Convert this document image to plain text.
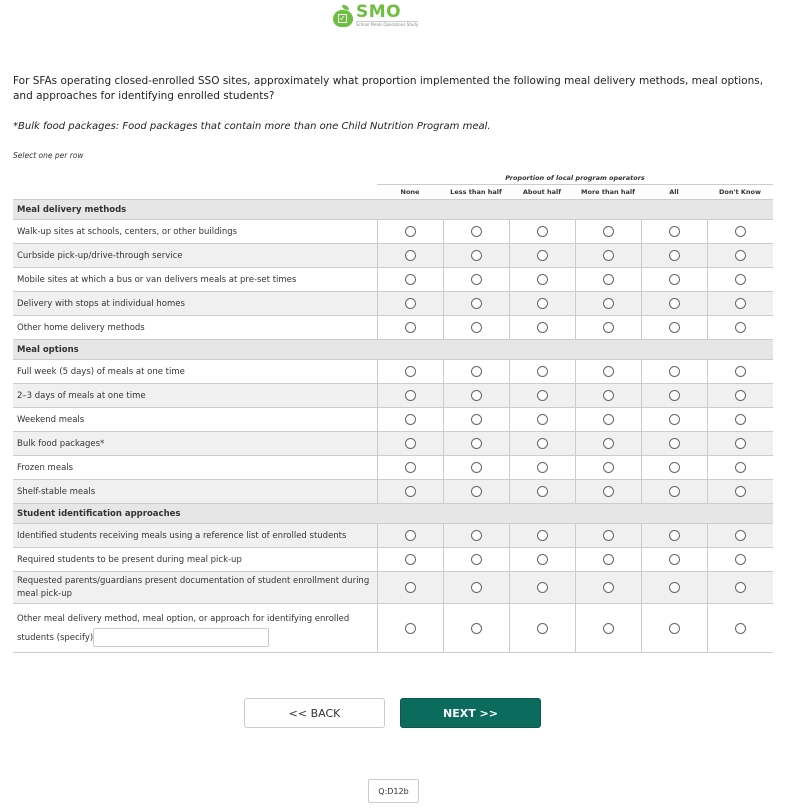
✓ SMO
School Meals Operations Study
For SFAs operating closed-enrolled SSO sites, approximately what proportion implemented the following meal delivery methods, meal options, and approaches for identifying enrolled students?
*Bulk food packages: Food packages that contain more than one Child Nutrition Program meal.
Select one per row
	Proportion of local program operators					
	None	Less than half	About half	More than half	All	Don't Know
Meal delivery methods						
Walk-up sites at schools, centers, or other buildings						
Curbside pick-up/drive-through service						
Mobile sites at which a bus or van delivers meals at pre-set times						
Delivery with stops at individual homes						
Other home delivery methods						
Meal options						
Full week (5 days) of meals at one time						
2–3 days of meals at one time						
Weekend meals						
Bulk food packages*						
Frozen meals						
Shelf-stable meals						
Student identification approaches						
Identified students receiving meals using a reference list of enrolled students						
Required students to be present during meal pick-up						
Requested parents/guardians present documentation of student enrollment during meal pick-up						
Other meal delivery method, meal option, or approach for identifying enrolled students (specify)						
<< BACK	NEXT >>
Q:D12b
